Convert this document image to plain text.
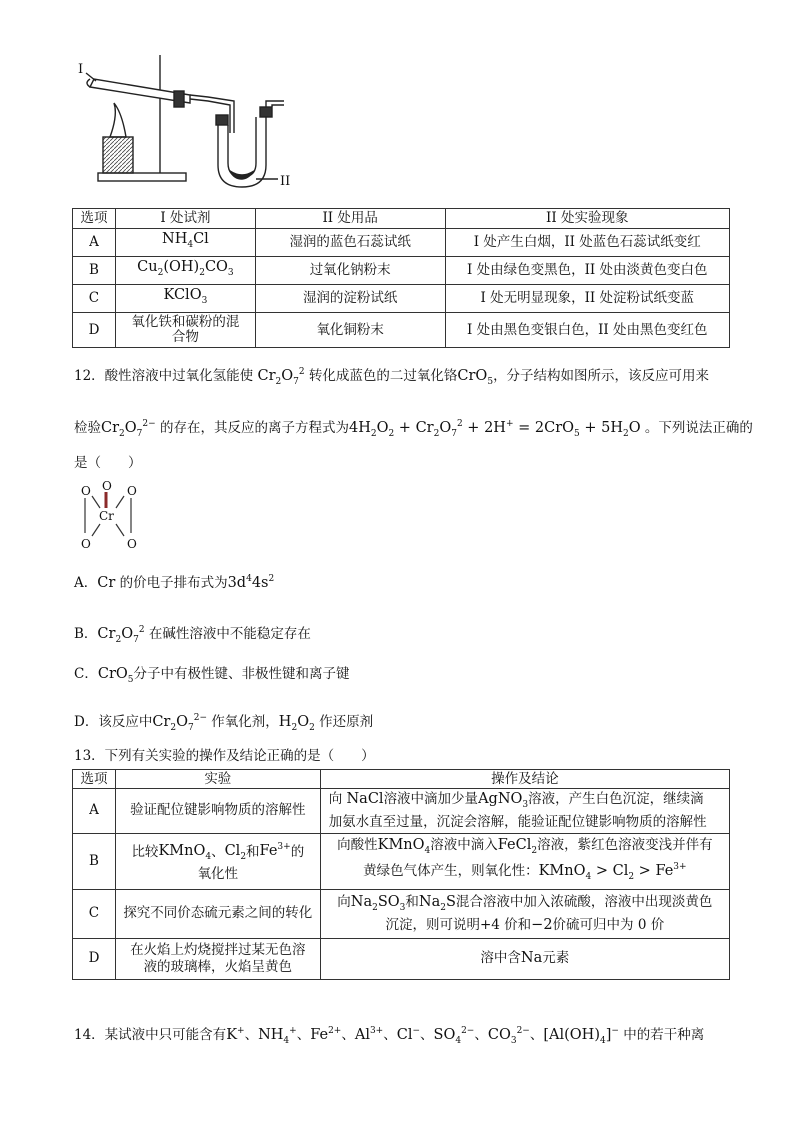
I
II
选项	I 处试剂	II 处用品	II 处实验现象
A	$NH_4Cl$	湿润的蓝色石蕊试纸	I 处产生白烟，II 处蓝色石蕊试纸变红
B	$Cu_2(OH)_2CO_3$	过氧化钠粉末	I 处由绿色变黑色，II 处由淡黄色变白色
C	KClO$_3$	湿润的淀粉试纸	I 处无明显现象，II 处淀粉试纸变蓝
D	氧化铁和碳粉的混合物	氧化铜粉末	I 处由黑色变银白色，II 处由黑色变红色
12．酸性溶液中过氧化氢能使 $Cr_2O_7^2$ 转化成蓝色的二过氧化铬CrO$_5$，分子结构如图所示，该反应可用来
检验$Cr_2O_7^{2-}$ 的存在，其反应的离子方程式为$4H_2O_2 + Cr_2O_7^2 + 2H^+ = 2CrO_5 + 5H_2O$ 。下列说法正确的
是（　　）
O O O
Cr
O	O
A．Cr 的价电子排布式为$3d^44s^2$
B．$Cr_2O_7^2$ 在碱性溶液中不能稳定存在
C．CrO$_5$分子中有极性键、非极性键和离子键
D．该反应中$Cr_2O_7^{2-}$ 作氧化剂，$H_2O_2$ 作还原剂
13．下列有关实验的操作及结论正确的是（　　）
选项	实验	操作及结论
A	验证配位键影响物质的溶解性	向 NaCl溶液中滴加少量AgNO$_3$溶液，产生白色沉淀，继续滴
加氨水直至过量，沉淀会溶解，能验证配位键影响物质的溶解性
B	比较KMnO$_4$、$Cl_2$和$Fe^{3+}$的
氧化性	向酸性KMnO$_4$溶液中滴入FeCl$_2$溶液，紫红色溶液变浅并伴有
黄绿色气体产生，则氧化性：KMnO$_4$ > $Cl_2 > Fe^{3+}$
C	探究不同价态硫元素之间的转化	向$Na_2SO_3$和$Na_2S$混合溶液中加入浓硫酸，溶液中出现淡黄色
沉淀，则可说明+4 价和−2价硫可归中为 0 价
D	在火焰上灼烧搅拌过某无色溶液的玻璃棒，火焰呈黄色	溶中含Na元素
14．某试液中只可能含有K+、$NH_4^+$、$Fe^{2+}$、$Al^{3+}$、Cl−、$SO_4^{2-}$、$CO_3^{2-}$、$[Al(OH)_4]^-$ 中的若干种离
